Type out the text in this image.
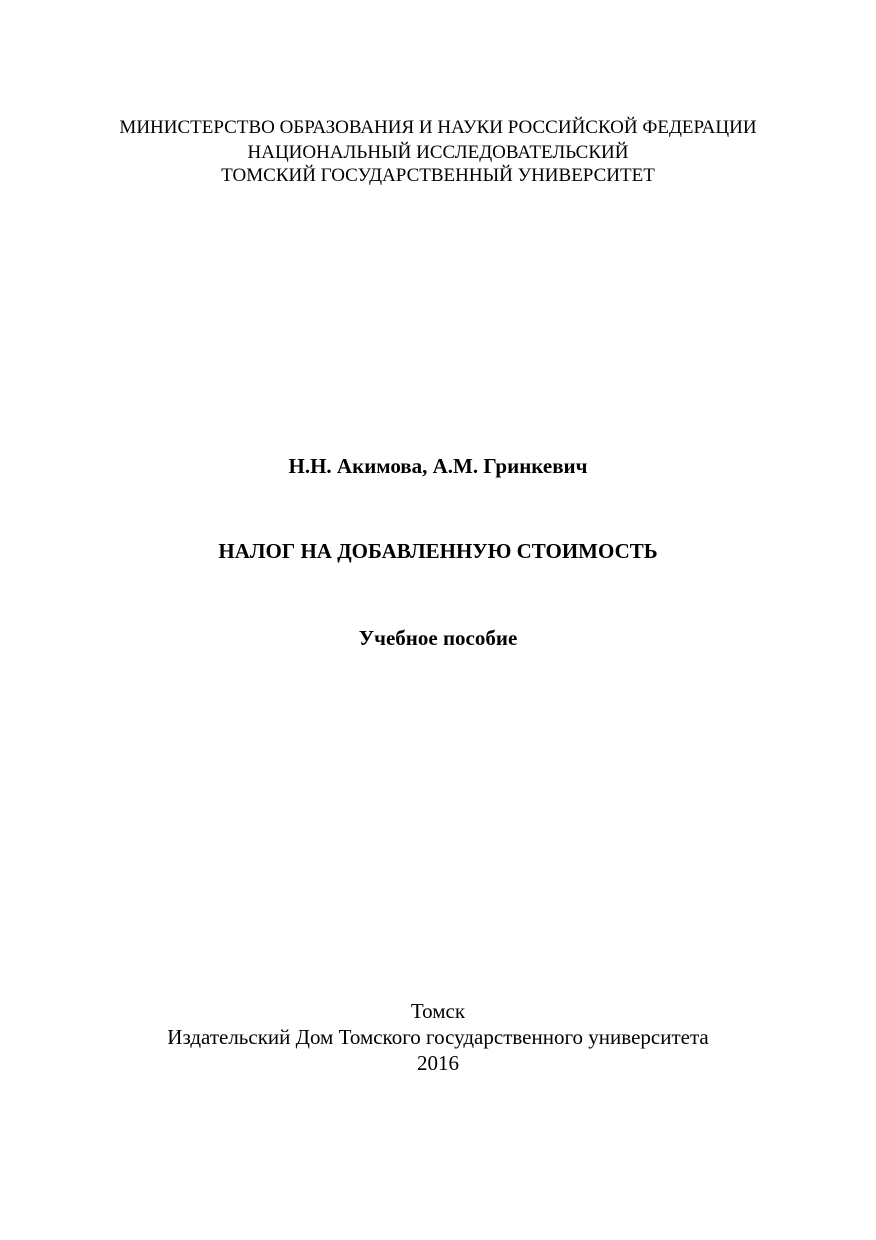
МИНИСТЕРСТВО ОБРАЗОВАНИЯ И НАУКИ РОССИЙСКОЙ ФЕДЕРАЦИИ
НАЦИОНАЛЬНЫЙ ИССЛЕДОВАТЕЛЬСКИЙ
ТОМСКИЙ ГОСУДАРСТВЕННЫЙ УНИВЕРСИТЕТ
Н.Н. Акимова, А.М. Гринкевич
НАЛОГ НА ДОБАВЛЕННУЮ СТОИМОСТЬ
Учебное пособие
Томск
Издательский Дом Томского государственного университета
2016
